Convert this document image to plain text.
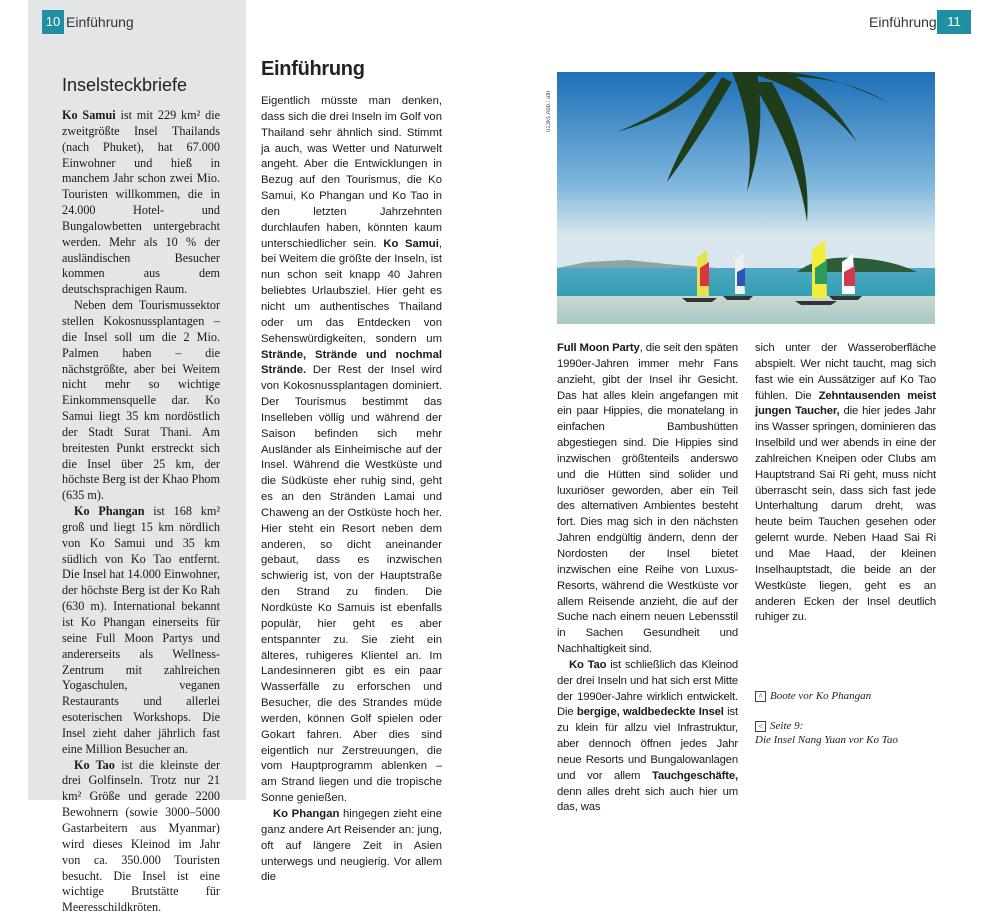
10 Einführung
Inselsteckbriefe

Ko Samui ist mit 229 km² die zweitgrößte Insel Thailands (nach Phuket), hat 67.000 Einwohner und hieß in manchem Jahr schon zwei Mio. Touristen willkommen, die in 24.000 Hotel- und Bungalowbetten untergebracht werden. Mehr als 10 % der ausländischen Besucher kommen aus dem deutschsprachigen Raum.

Neben dem Tourismussektor stellen Kokosnussplantagen – die Insel soll um die 2 Mio. Palmen haben – die nächstgrößte, aber bei Weitem nicht mehr so wichtige Einkommensquelle dar. Ko Samui liegt 35 km nordöstlich der Stadt Surat Thani. Am breitesten Punkt erstreckt sich die Insel über 25 km, der höchste Berg ist der Khao Phom (635 m).

Ko Phangan ist 168 km² groß und liegt 15 km nördlich von Ko Samui und 35 km südlich von Ko Tao entfernt. Die Insel hat 14.000 Einwohner, der höchste Berg ist der Ko Rah (630 m). International bekannt ist Ko Phangan einerseits für seine Full Moon Partys und andererseits als Wellness-Zentrum mit zahlreichen Yogaschulen, veganen Restaurants und allerlei esoterischen Workshops. Die Insel zieht daher jährlich fast eine Million Besucher an.

Ko Tao ist die kleinste der drei Golfinseln. Trotz nur 21 km² Größe und gerade 2200 Bewohnern (sowie 3000–5000 Gastarbeitern aus Myanmar) wird dieses Kleinod im Jahr von ca. 350.000 Touristen besucht. Die Insel ist eine wichtige Brutstätte für Meeresschildkröten.

Einführung

Eigentlich müsste man denken, dass sich die drei Inseln im Golf von Thailand sehr ähnlich sind. Stimmt ja auch, was Wetter und Naturwelt angeht. Aber die Entwicklungen in Bezug auf den Tourismus, die Ko Samui, Ko Phangan und Ko Tao in den letzten Jahrzehnten durchlaufen haben, könnten kaum unterschiedlicher sein. Ko Samui, bei Weitem die größte der Inseln, ist nun schon seit knapp 40 Jahren beliebtes Urlaubsziel. Hier geht es nicht um authentisches Thailand oder um das Entdecken von Sehenswürdigkeiten, sondern um Strände, Strände und nochmal Strände. Der Rest der Insel wird von Kokosnussplantagen dominiert. Der Tourismus bestimmt das Inselleben völlig und während der Saison befinden sich mehr Ausländer als Einheimische auf der Insel. Während die Westküste und die Südküste eher ruhig sind, geht es an den Stränden Lamai und Chaweng an der Ostküste hoch her. Hier steht ein Resort neben dem anderen, so dicht aneinander gebaut, dass es inzwischen schwierig ist, von der Hauptstraße den Strand zu finden. Die Nordküste Ko Samuis ist ebenfalls populär, hier geht es aber entspannter zu. Sie zieht ein älteres, ruhigeres Klientel an. Im Landesinneren gibt es ein paar Wasserfälle zu erforschen und Besucher, die des Strandes müde werden, können Golf spielen oder Gokart fahren. Aber dies sind eigentlich nur Zerstreuungen, die vom Hauptprogramm ablenken – am Strand liegen und die tropische Sonne genießen.

Ko Phangan hingegen zieht eine ganz andere Art Reisender an: jung, oft auf längere Zeit in Asien unterwegs und neugierig. Vor allem die

Einführung 11
013ks Abb.: ath

Full Moon Party, die seit den späten 1990er-Jahren immer mehr Fans anzieht, gibt der Insel ihr Gesicht. Das hat alles klein angefangen mit ein paar Hippies, die monatelang in einfachen Bambushütten abgestiegen sind. Die Hippies sind inzwischen größtenteils anderswo und die Hütten sind solider und luxuriöser geworden, aber ein Teil des alternativen Ambientes besteht fort. Dies mag sich in den nächsten Jahren endgültig ändern, denn der Nordosten der Insel bietet inzwischen eine Reihe von Luxus-Resorts, während die Westküste vor allem Reisende anzieht, die auf der Suche nach einem neuen Lebensstil in Sachen Gesundheit und Nachhaltigkeit sind.

Ko Tao ist schließlich das Kleinod der drei Inseln und hat sich erst Mitte der 1990er-Jahre wirklich entwickelt. Die bergige, waldbedeckte Insel ist zu klein für allzu viel Infrastruktur, aber dennoch öffnen jedes Jahr neue Resorts und Bungalowanlagen und vor allem Tauchgeschäfte, denn alles dreht sich auch hier um das, was

sich unter der Wasseroberfläche abspielt. Wer nicht taucht, mag sich fast wie ein Aussätziger auf Ko Tao fühlen. Die Zehntausenden meist jungen Taucher, die hier jedes Jahr ins Wasser springen, dominieren das Inselbild und wer abends in eine der zahlreichen Kneipen oder Clubs am Hauptstrand Sai Ri geht, muss nicht überrascht sein, dass sich fast jede Unterhaltung darum dreht, was heute beim Tauchen gesehen oder gelernt wurde. Neben Haad Sai Ri und Mae Haad, der kleinen Inselhauptstadt, die beide an der Westküste liegen, geht es an anderen Ecken der Insel deutlich ruhiger zu.

^ Boote vor Ko Phangan
< Seite 9:
Die Insel Nang Yuan vor Ko Tao
